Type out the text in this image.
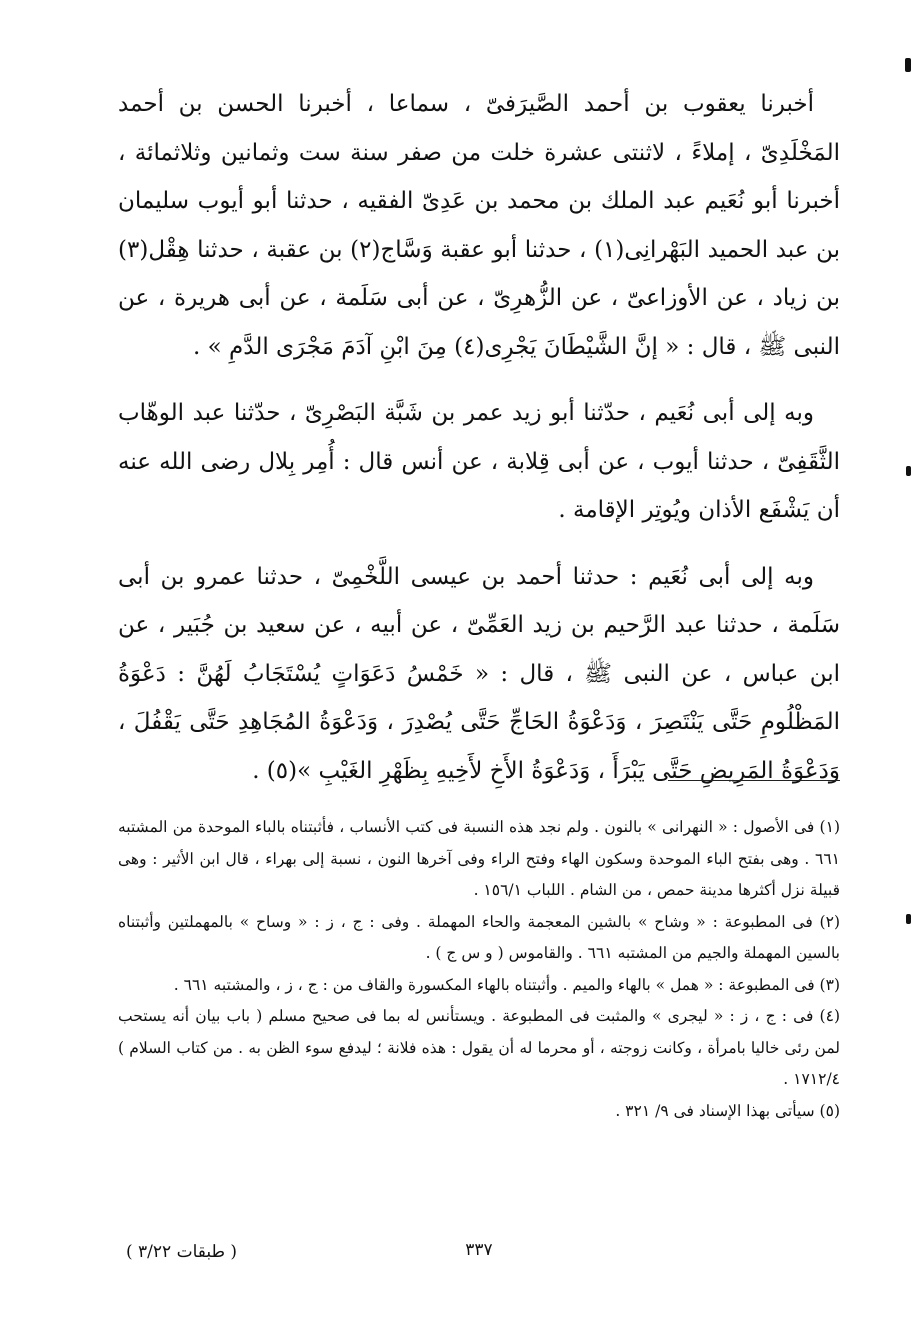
أخبرنا يعقوب بن أحمد الصَّيرَفىّ ، سماعا ، أخبرنا الحسن بن أحمد المَخْلَدِىّ ، إملاءً ، لاثنتى عشرة خلت من صفر سنة ست وثمانين وثلاثمائة ، أخبرنا أبو نُعَيم عبد الملك بن محمد بن عَدِىّ الفقيه ، حدثنا أبو أيوب سليمان بن عبد الحميد البَهْرانِى(١) ، حدثنا أبو عقبة وَسَّاج(٢) بن عقبة ، حدثنا هِقْل(٣) بن زياد ، عن الأوزاعىّ ، عن الزُّهرِىّ ، عن أبى سَلَمة ، عن أبى هريرة ، عن النبى ﷺ ، قال : « إنَّ الشَّيْطَانَ يَجْرِى(٤) مِنَ ابْنِ آدَمَ مَجْرَى الدَّمِ » .

وبه إلى أبى نُعَيم ، حدّثنا أبو زيد عمر بن شَبَّة البَصْرِىّ ، حدّثنا عبد الوهّاب الثَّقَفِىّ ، حدثنا أيوب ، عن أبى قِلابة ، عن أنس قال : أُمِر بِلال رضى الله عنه أن يَشْفَع الأذان ويُوتِر الإقامة .

وبه إلى أبى نُعَيم : حدثنا أحمد بن عيسى اللَّخْمِىّ ، حدثنا عمرو بن أبى سَلَمة ، حدثنا عبد الرَّحيم بن زيد العَمِّىّ ، عن أبيه ، عن سعيد بن جُبَير ، عن ابن عباس ، عن النبى ﷺ ، قال : « خَمْسُ دَعَوَاتٍ يُسْتَجَابُ لَهُنَّ : دَعْوَةُ المَظْلُومِ حَتَّى يَنْتَصِرَ ، وَدَعْوَةُ الحَاجِّ حَتَّى يُصْدِرَ ، وَدَعْوَةُ المُجَاهِدِ حَتَّى يَقْفُلَ ، وَدَعْوَةُ المَرِيضِ حَتَّى يَبْرَأَ ، وَدَعْوَةُ الأَخِ لأَخِيهِ بِظَهْرِ الغَيْبِ »(٥) .

(١) فى الأصول : « النهرانى » بالنون . ولم نجد هذه النسبة فى كتب الأنساب ، فأثبتناه بالباء الموحدة من المشتبه ٦٦١ . وهى بفتح الباء الموحدة وسكون الهاء وفتح الراء وفى آخرها النون ، نسبة إلى بهراء ، قال ابن الأثير : وهى قبيلة نزل أكثرها مدينة حمص ، من الشام . اللباب ١٥٦/١ .

(٢) فى المطبوعة : « وشاح » بالشين المعجمة والحاء المهملة . وفى : ج ، ز : « وساح » بالمهملتين وأثبتناه بالسين المهملة والجيم من المشتبه ٦٦١ . والقاموس ( و س ج ) .

(٣) فى المطبوعة : « همل » بالهاء والميم . وأثبتناه بالهاء المكسورة والقاف من : ج ، ز ، والمشتبه ٦٦١ .

(٤) فى : ج ، ز : « ليجرى » والمثبت فى المطبوعة . ويستأنس له بما فى صحيح مسلم ( باب بيان أنه يستحب لمن رئى خاليا بامرأة ، وكانت زوجته ، أو محرما له أن يقول : هذه فلانة ؛ ليدفع سوء الظن به . من كتاب السلام ) ١٧١٢/٤ .

(٥) سيأتى بهذا الإسناد فى ٩/ ٣٢١ .

٣٣٧
( طبقات ٣/٢٢ )
